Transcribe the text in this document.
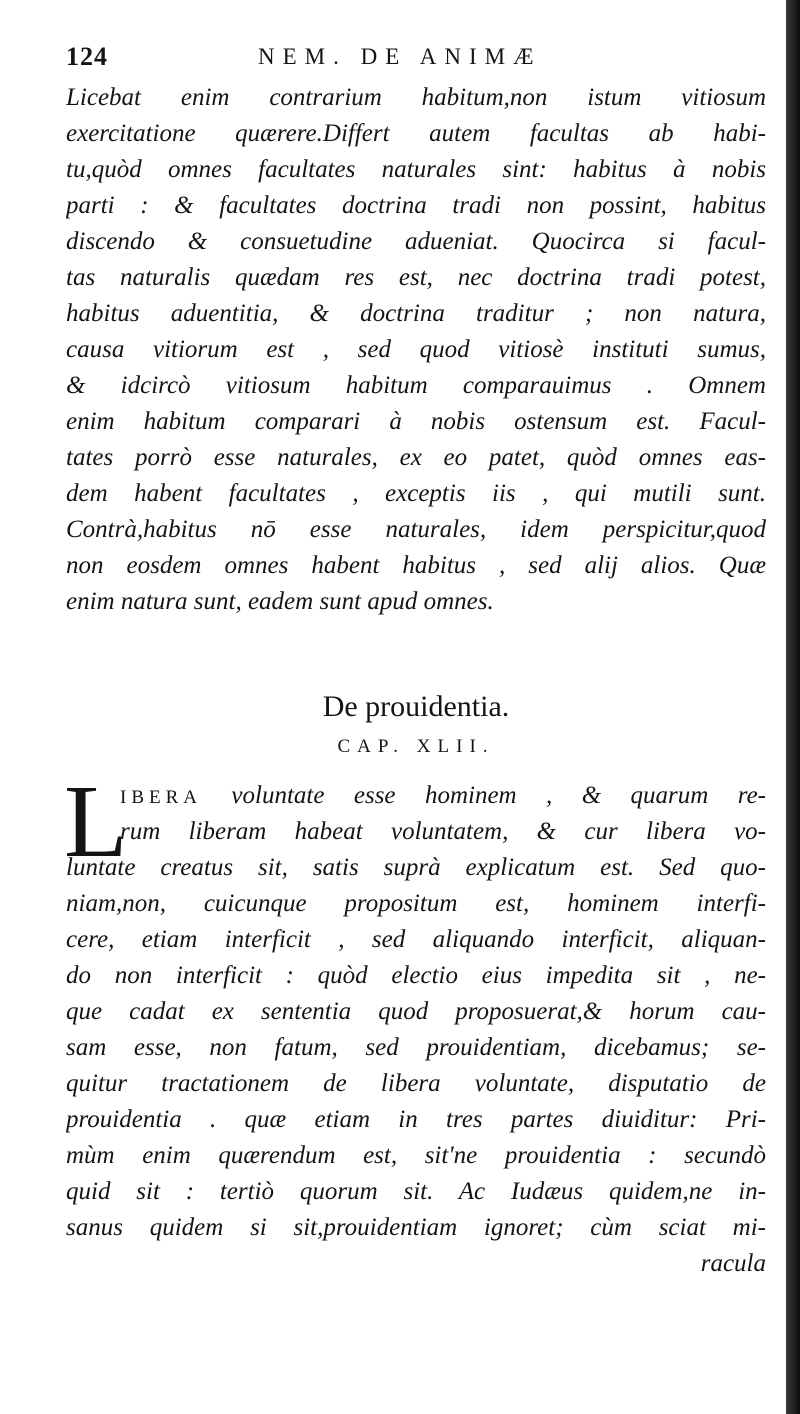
124	NEM. DE ANIMÆ
Licebat enim contrarium habitum,non istum vitiosum
exercitatione quærere.Differt autem facultas ab habi-
tu,quòd omnes facultates naturales sint: habitus à nobis
parti : & facultates doctrina tradi non possint, habitus
discendo & consuetudine adueniat. Quocirca si facul-
tas naturalis quædam res est, nec doctrina tradi potest,
habitus aduentitia, & doctrina traditur ; non natura,
causa vitiorum est , sed quod vitiosè instituti sumus,
& idcircò vitiosum habitum comparauimus . Omnem
enim habitum comparari à nobis ostensum est. Facul-
tates porrò esse naturales, ex eo patet, quòd omnes eas-
dem habent facultates , exceptis iis , qui mutili sunt.
Contrà,habitus nō esse naturales, idem perspicitur,quod
non eosdem omnes habent habitus , sed alij alios. Quæ
enim natura sunt, eadem sunt apud omnes.
De prouidentia.
CAP. XLII.
L
IBERA voluntate esse hominem , & quarum re-
rum liberam habeat voluntatem, & cur libera vo-
luntate creatus sit, satis suprà explicatum est. Sed quo-
niam,non, cuicunque propositum est, hominem interfi-
cere, etiam interficit , sed aliquando interficit, aliquan-
do non interficit : quòd electio eius impedita sit , ne-
que cadat ex sententia quod proposuerat,& horum cau-
sam esse, non fatum, sed prouidentiam, dicebamus; se-
quitur tractationem de libera voluntate, disputatio de
prouidentia . quæ etiam in tres partes diuiditur: Pri-
mùm enim quærendum est, sit'ne prouidentia : secundò
quid sit : tertiò quorum sit. Ac Iudæus quidem,ne in-
sanus quidem si sit,prouidentiam ignoret; cùm sciat mi-
racula
